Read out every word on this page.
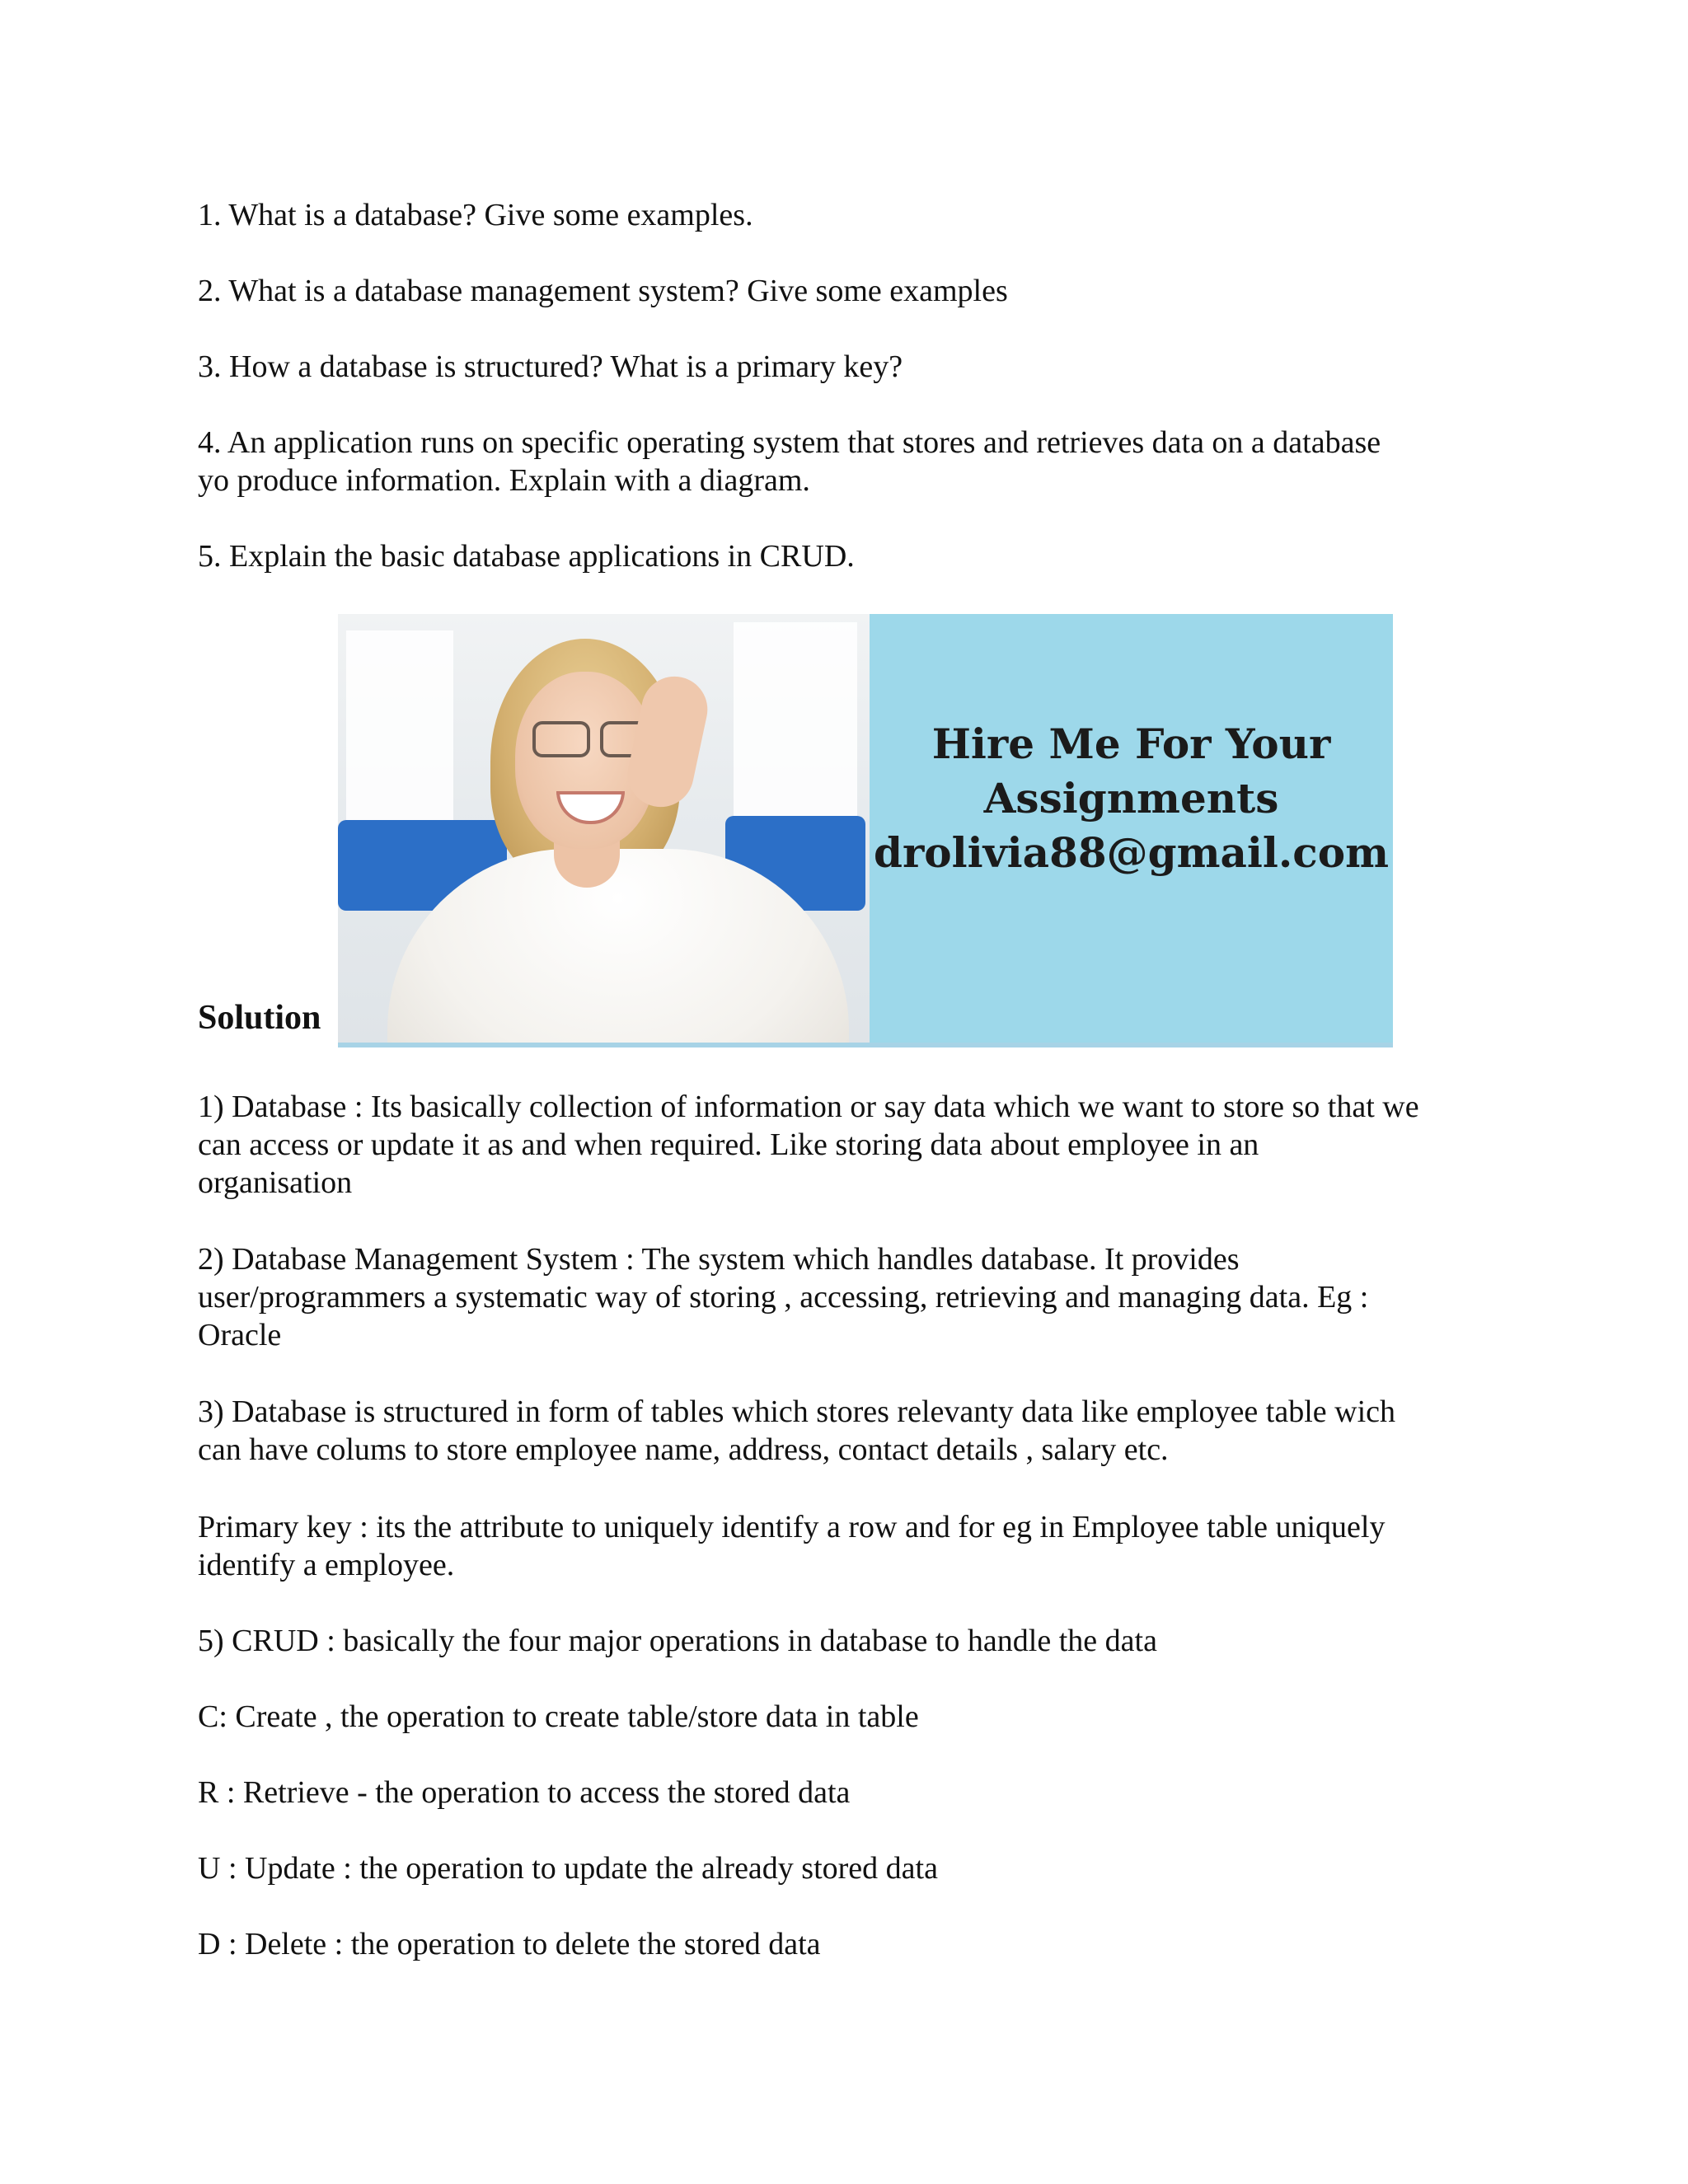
1. What is a database? Give some examples.
2. What is a database management system? Give some examples
3. How a database is structured? What is a primary key?
4. An application runs on specific operating system that stores and retrieves data on a database
yo produce information. Explain with a diagram.
5. Explain the basic database applications in CRUD.
Hire Me For Your
Assignments
drolivia88@gmail.com
Solution
1) Database : Its basically collection of information or say data which we want to store so that we
can access or update it as and when required. Like storing data about employee in an
organisation
2) Database Management System : The system which handles database. It provides
user/programmers a systematic way of storing , accessing, retrieving and managing data. Eg :
Oracle
3) Database is structured in form of tables which stores relevanty data like employee table wich
can have colums to store employee name, address, contact details , salary etc.
Primary key : its the attribute to uniquely identify a row and for eg in Employee table uniquely
identify a employee.
5) CRUD : basically the four major operations in database to handle the data
C: Create , the operation to create table/store data in table
R : Retrieve - the operation to access the stored data
U : Update : the operation to update the already stored data
D : Delete : the operation to delete the stored data
